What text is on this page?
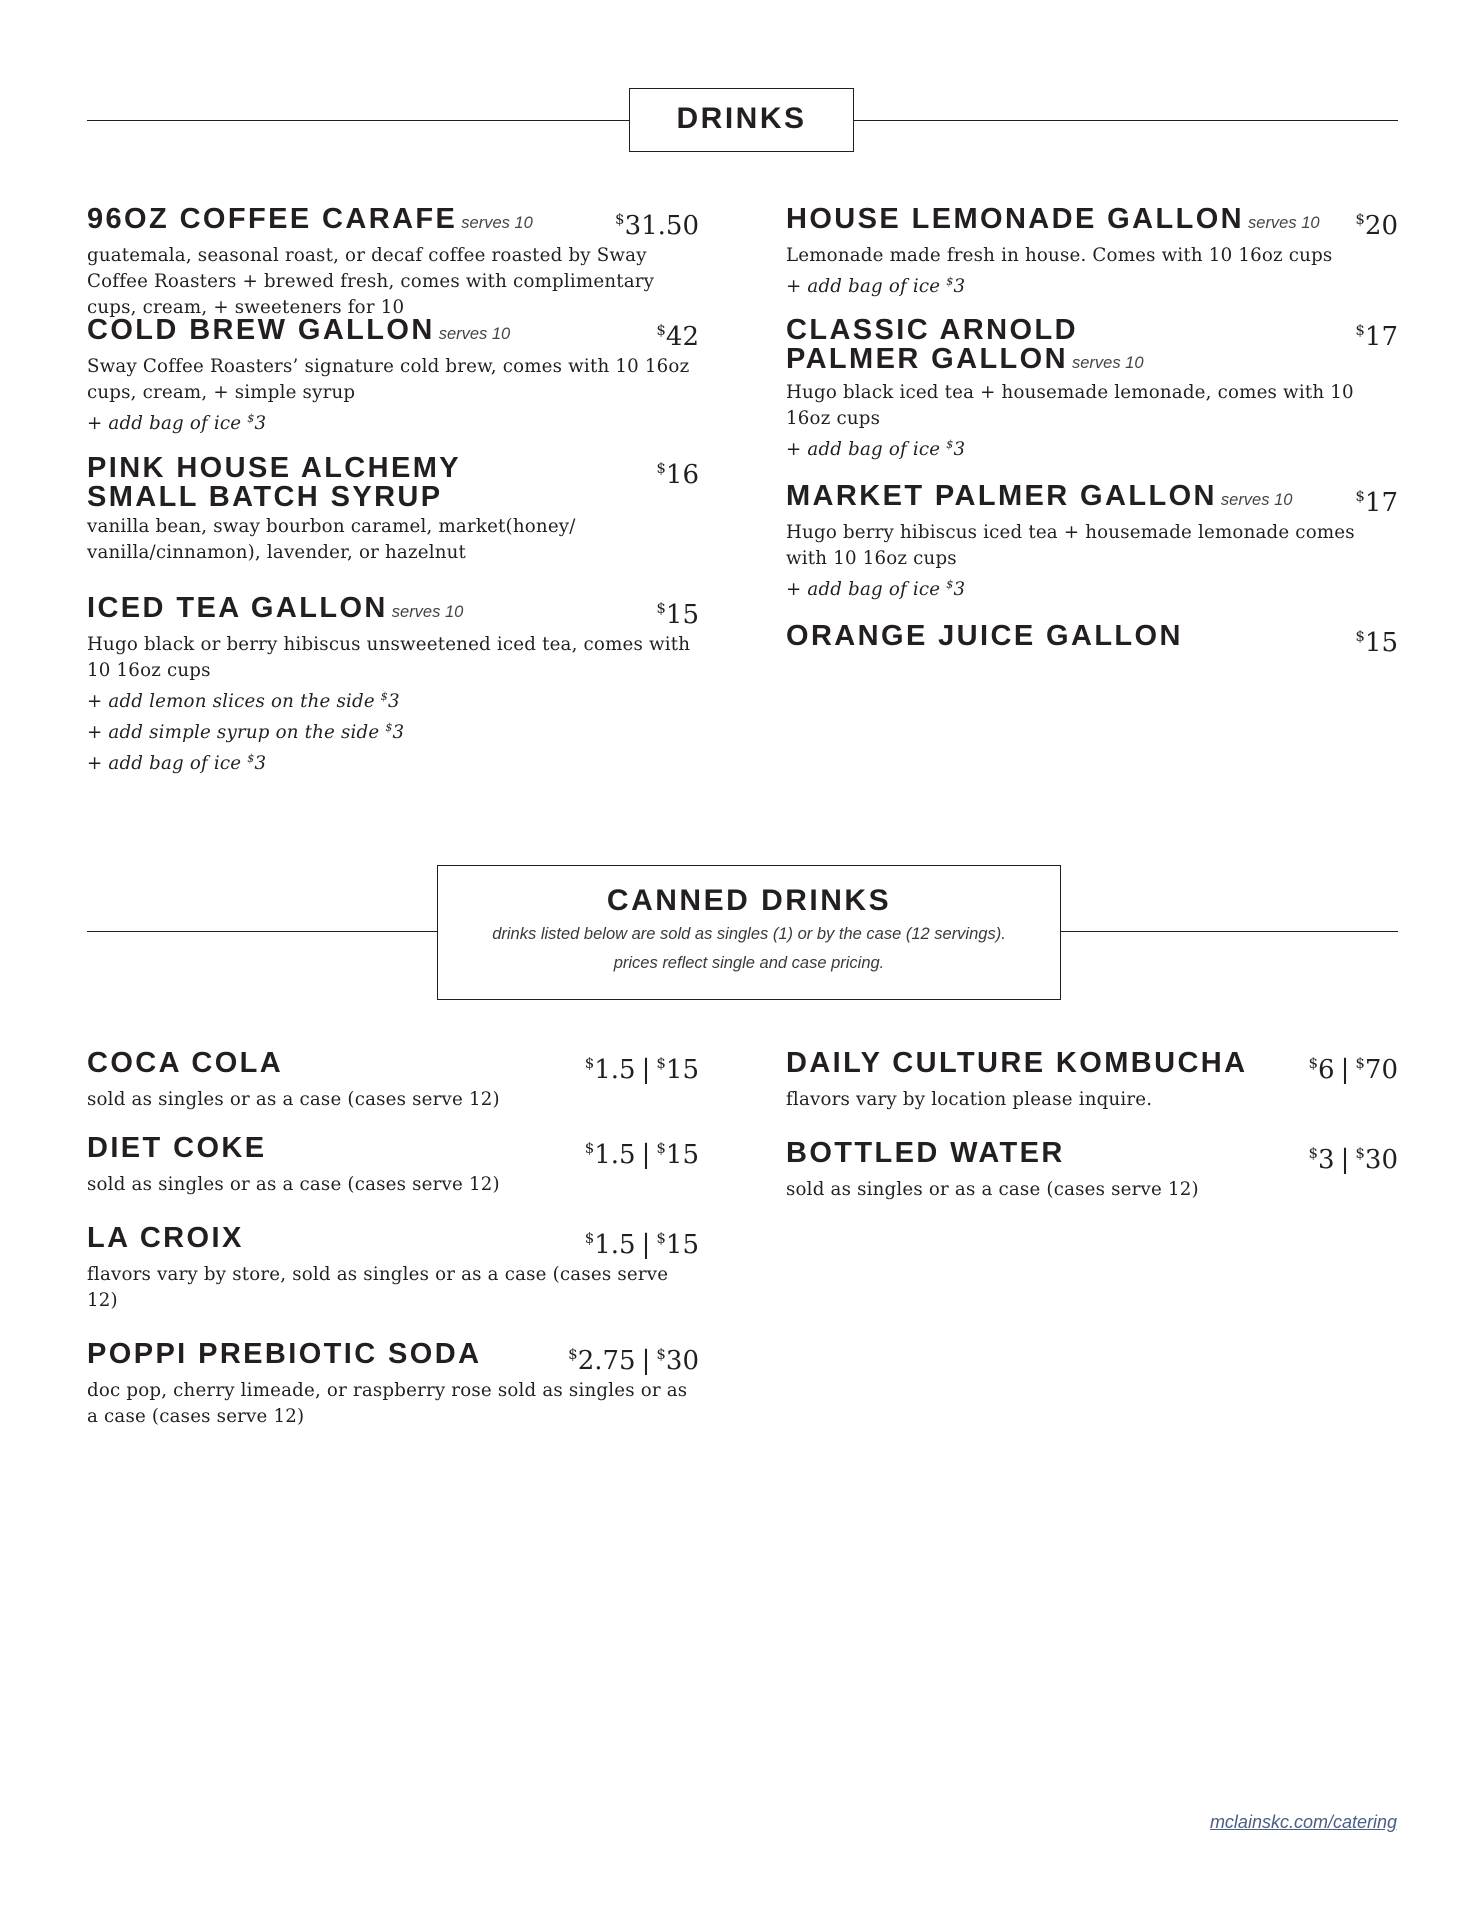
DRINKS
96OZ COFFEE CARAFE serves 10	$31.50
guatemala, seasonal roast, or decaf coffee roasted by Sway Coffee Roasters + brewed fresh, comes with complimentary cups, cream, + sweeteners for 10
COLD BREW GALLON serves 10	$42
Sway Coffee Roasters’ signature cold brew, comes with 10 16oz cups, cream, + simple syrup
+ add bag of ice $3
PINK HOUSE ALCHEMY
SMALL BATCH SYRUP
$16
vanilla bean, sway bourbon caramel, market(honey/ vanilla/cinnamon), lavender, or hazelnut
ICED TEA GALLON serves 10	$15
Hugo black or berry hibiscus unsweetened iced tea, comes with 10 16oz cups
+ add lemon slices on the side $3
+ add simple syrup on the side $3
+ add bag of ice $3
HOUSE LEMONADE GALLON serves 10 $20
Lemonade made fresh in house. Comes with 10 16oz cups
+ add bag of ice $3
CLASSIC ARNOLD
PALMER GALLON serves 10
$17
Hugo black iced tea + housemade lemonade, comes with 10 16oz cups
+ add bag of ice $3
MARKET PALMER GALLON serves 10	$17
Hugo berry hibiscus iced tea + housemade lemonade comes with 10 16oz cups
+ add bag of ice $3
ORANGE JUICE GALLON	$15
CANNED DRINKS
drinks listed below are sold as singles (1) or by the case (12 servings).
prices reflect single and case pricing.
COCA COLA	$1.5 | $15
sold as singles or as a case (cases serve 12)
DIET COKE	$1.5 | $15
sold as singles or as a case (cases serve 12)
LA CROIX	$1.5 | $15
flavors vary by store, sold as singles or as a case (cases serve 12)
POPPI PREBIOTIC SODA	$2.75 | $30
doc pop, cherry limeade, or raspberry rose sold as singles or as a case (cases serve 12)
DAILY CULTURE KOMBUCHA	$6 | $70
flavors vary by location please inquire.
BOTTLED WATER	$3 | $30
sold as singles or as a case (cases serve 12)
mclainskc.com/catering
